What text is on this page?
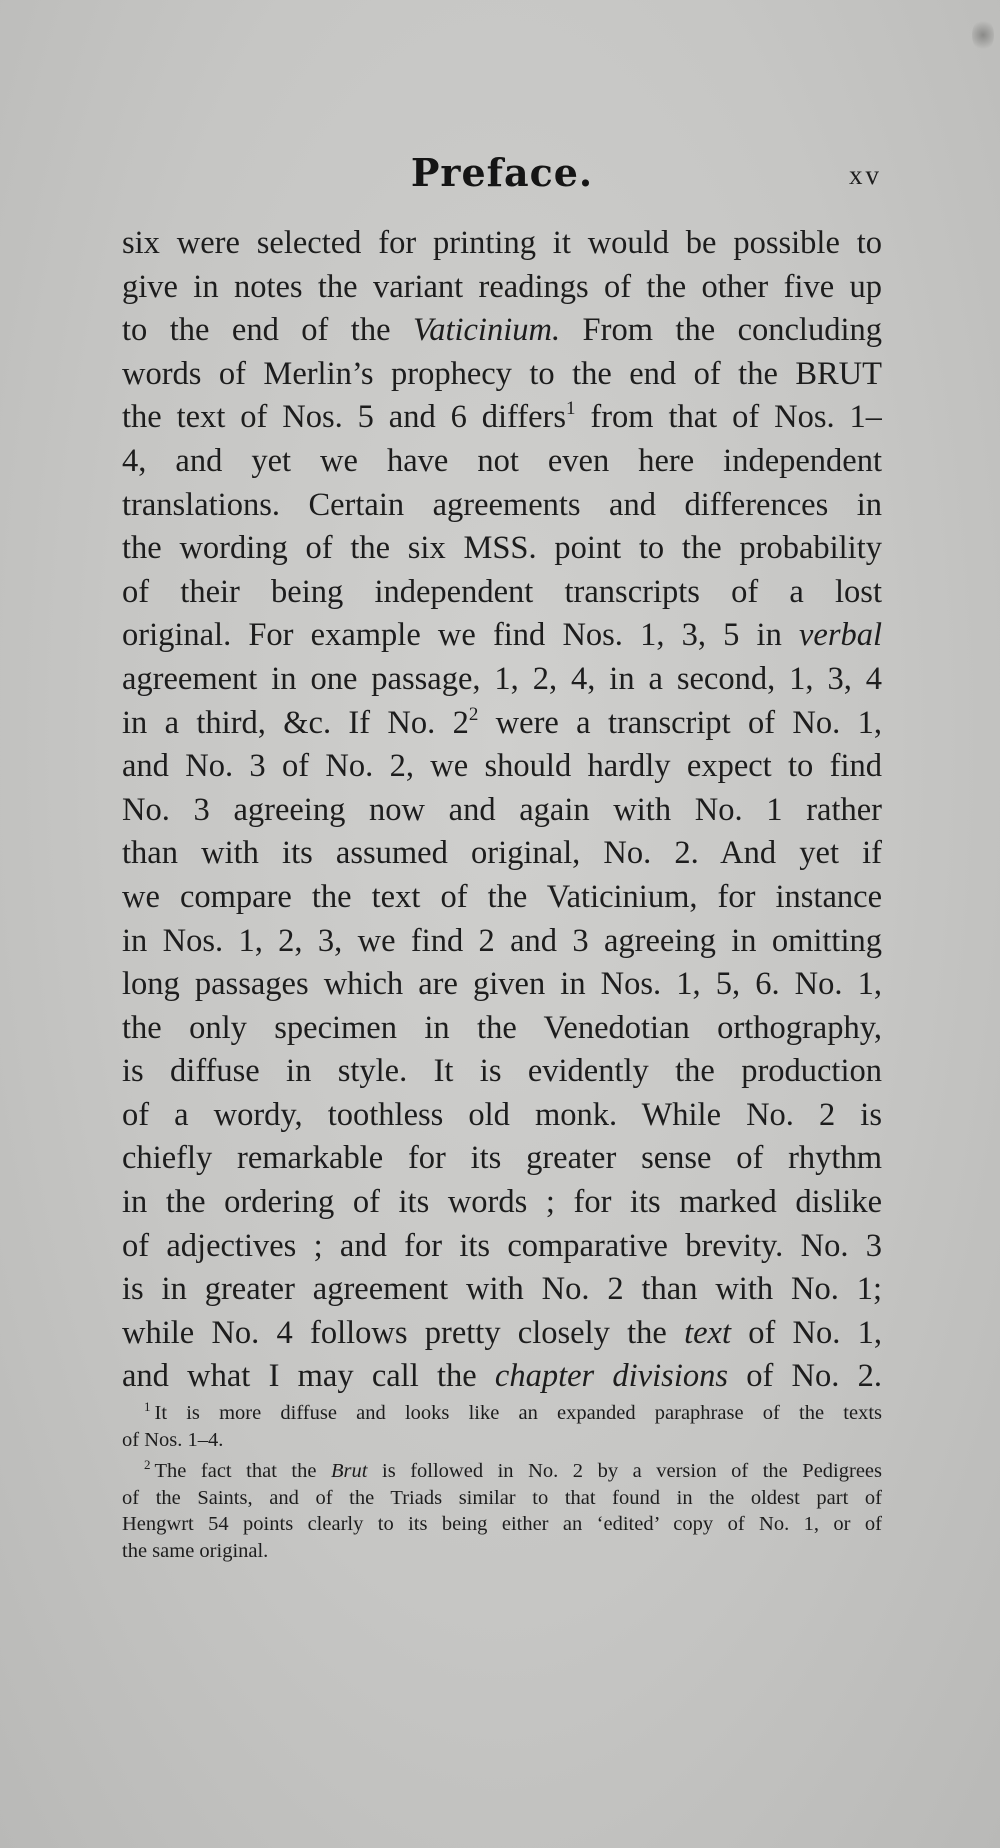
Preface.	xv
six were selected for printing it would be possible to
give in notes the variant readings of the other five up
to the end of the Vaticinium. From the concluding
words of Merlin’s prophecy to the end of the BRUT
the text of Nos. 5 and 6 differs$^1$ from that of Nos. 1–
4, and yet we have not even here independent
translations. Certain agreements and differences in
the wording of the six MSS. point to the probability
of their being independent transcripts of a lost
original. For example we find Nos. 1, 3, 5 in verbal
agreement in one passage, 1, 2, 4, in a second, 1, 3, 4
in a third, &c. If No. $2^2$ were a transcript of No. 1,
and No. 3 of No. 2, we should hardly expect to find
No. 3 agreeing now and again with No. 1 rather
than with its assumed original, No. 2. And yet if
we compare the text of the Vaticinium, for instance
in Nos. 1, 2, 3, we find 2 and 3 agreeing in omitting
long passages which are given in Nos. 1, 5, 6. No. 1,
the only specimen in the Venedotian orthography,
is diffuse in style. It is evidently the production
of a wordy, toothless old monk. While No. 2 is
chiefly remarkable for its greater sense of rhythm
in the ordering of its words ; for its marked dislike
of adjectives ; and for its comparative brevity. No. 3
is in greater agreement with No. 2 than with No. 1;
while No. 4 follows pretty closely the text of No. 1,
and what I may call the chapter divisions of No. 2.
$^1$ It is more diffuse and looks like an expanded paraphrase of the texts
of Nos. 1–4.
$^2$ The fact that the Brut is followed in No. 2 by a version of the Pedigrees
of the Saints, and of the Triads similar to that found in the oldest part of
Hengwrt 54 points clearly to its being either an ‘edited’ copy of No. 1, or of
the same original.
